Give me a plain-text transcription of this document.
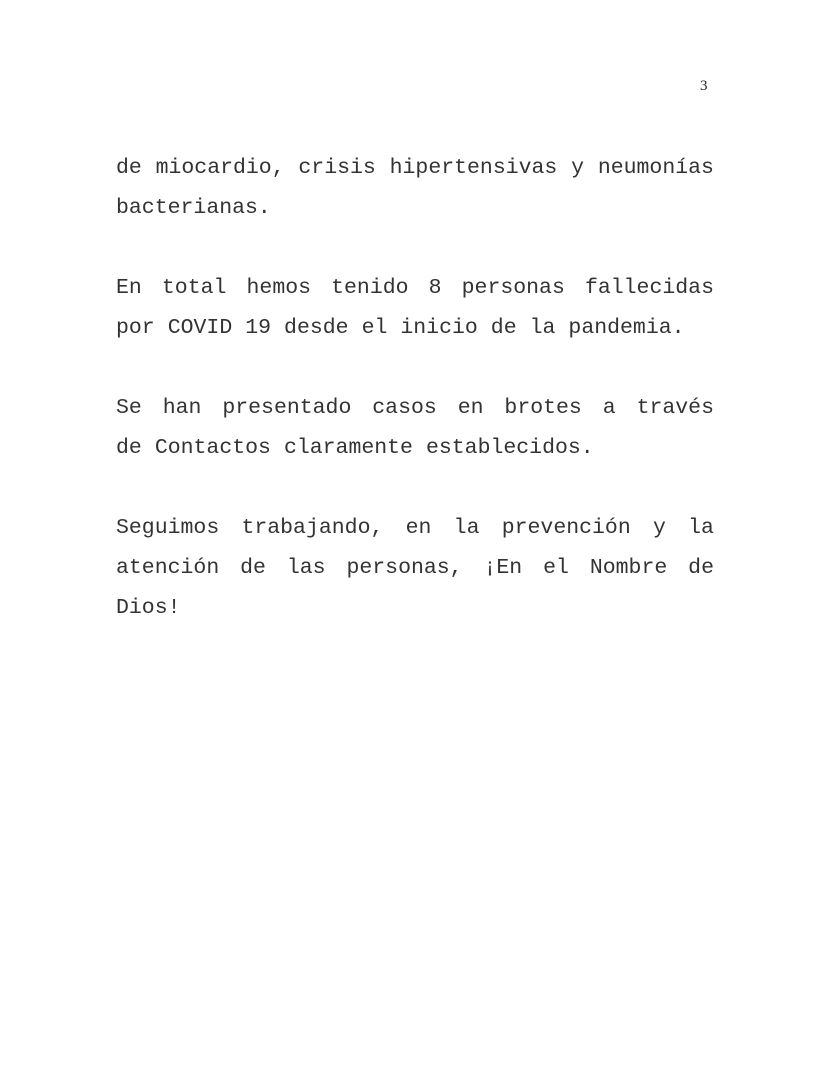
3
de miocardio, crisis hipertensivas y neumonías
bacterianas.
En total hemos tenido 8 personas fallecidas
por COVID 19 desde el inicio de la pandemia.
Se han presentado casos en brotes a través
de Contactos claramente establecidos.
Seguimos trabajando, en la prevención y la
atención de las personas, ¡En el Nombre de
Dios!
